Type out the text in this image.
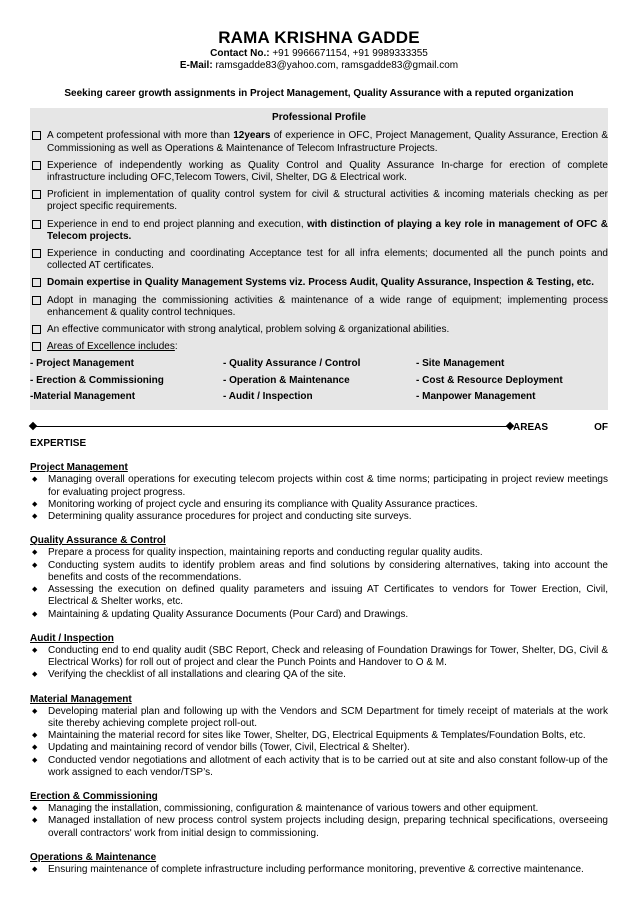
RAMA KRISHNA GADDE
Contact No.: +91 9966671154, +91 9989333355
E-Mail: ramsgadde83@yahoo.com, ramsgadde83@gmail.com
Seeking career growth assignments in Project Management, Quality Assurance with a reputed organization
Professional Profile
A competent professional with more than 12years of experience in OFC, Project Management, Quality Assurance, Erection & Commissioning as well as Operations & Maintenance of Telecom Infrastructure Projects.
Experience of independently working as Quality Control and Quality Assurance In-charge for erection of complete infrastructure including OFC,Telecom Towers, Civil, Shelter, DG & Electrical work.
Proficient in implementation of quality control system for civil & structural activities & incoming materials checking as per project specific requirements.
Experience in end to end project planning and execution, with distinction of playing a key role in management of OFC & Telecom projects.
Experience in conducting and coordinating Acceptance test for all infra elements; documented all the punch points and collected AT certificates.
Domain expertise in Quality Management Systems viz. Process Audit, Quality Assurance, Inspection & Testing, etc.
Adopt in managing the commissioning activities & maintenance of a wide range of equipment; implementing process enhancement & quality control techniques.
An effective communicator with strong analytical, problem solving & organizational abilities.
Areas of Excellence includes:
- Project Management	- Quality Assurance / Control	- Site Management
- Erection & Commissioning	- Operation & Maintenance	- Cost & Resource Deployment
-Material Management	- Audit / Inspection	- Manpower Management
AREAS	OF
EXPERTISE
Project Management
◆	Managing overall operations for executing telecom projects within cost & time norms; participating in project review meetings for evaluating project progress.
◆	Monitoring working of project cycle and ensuring its compliance with Quality Assurance practices.
◆	Determining quality assurance procedures for project and conducting site surveys.
Quality Assurance & Control
◆	Prepare a process for quality inspection, maintaining reports and conducting regular quality audits.
◆	Conducting system audits to identify problem areas and find solutions by considering alternatives, taking into account the benefits and costs of the recommendations.
◆	Assessing the execution on defined quality parameters and issuing AT Certificates to vendors for Tower Erection, Civil, Electrical & Shelter works, etc.
◆	Maintaining & updating Quality Assurance Documents (Pour Card) and Drawings.
Audit / Inspection
◆	Conducting end to end quality audit (SBC Report, Check and releasing of Foundation Drawings for Tower, Shelter, DG, Civil & Electrical Works) for roll out of project and clear the Punch Points and Handover to O & M.
◆	Verifying the checklist of all installations and clearing QA of the site.
Material Management
◆	Developing material plan and following up with the Vendors and SCM Department for timely receipt of materials at the work site thereby achieving complete project roll-out.
◆	Maintaining the material record for sites like Tower, Shelter, DG, Electrical Equipments & Templates/Foundation Bolts, etc.
◆	Updating and maintaining record of vendor bills (Tower, Civil, Electrical & Shelter).
◆	Conducted vendor negotiations and allotment of each activity that is to be carried out at site and also constant follow-up of the work assigned to each vendor/TSP’s.
Erection & Commissioning
◆	Managing the installation, commissioning, configuration & maintenance of various towers and other equipment.
◆	Managed installation of new process control system projects including design, preparing technical specifications, overseeing overall contractors' work from initial design to commissioning.
Operations & Maintenance
◆	Ensuring maintenance of complete infrastructure including performance monitoring, preventive & corrective maintenance.
